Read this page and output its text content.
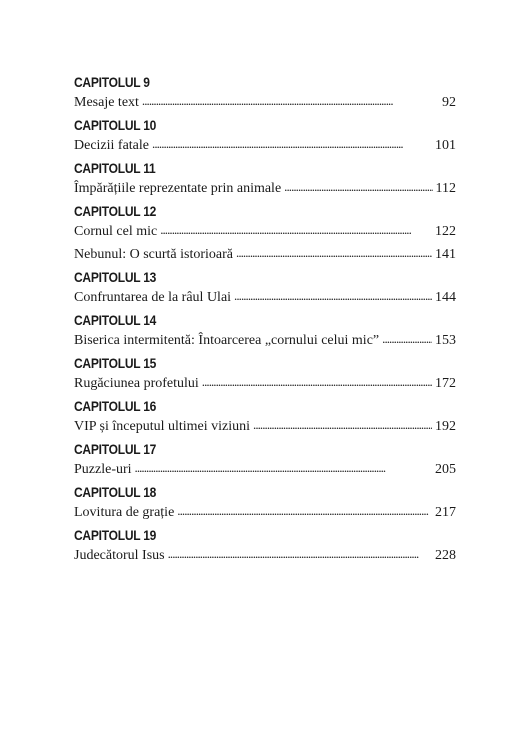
CAPITOLUL 9
Mesaje text . . .	92
CAPITOLUL 10
Decizii fatale . . .	101
CAPITOLUL 11
Împărățiile reprezentate prin animale . . .	112
CAPITOLUL 12
Cornul cel mic . . .	122
Nebunul: O scurtă istorioară . . .	141
CAPITOLUL 13
Confruntarea de la râul Ulai . . .	144
CAPITOLUL 14
Biserica intermitentă: Întoarcerea „cornului celui mic” . . .	153
CAPITOLUL 15
Rugăciunea profetului . . .	172
CAPITOLUL 16
VIP și începutul ultimei viziuni . . .	192
CAPITOLUL 17
Puzzle-uri . . .	205
CAPITOLUL 18
Lovitura de grație . . .	217
CAPITOLUL 19
Judecătorul Isus . . .	228
